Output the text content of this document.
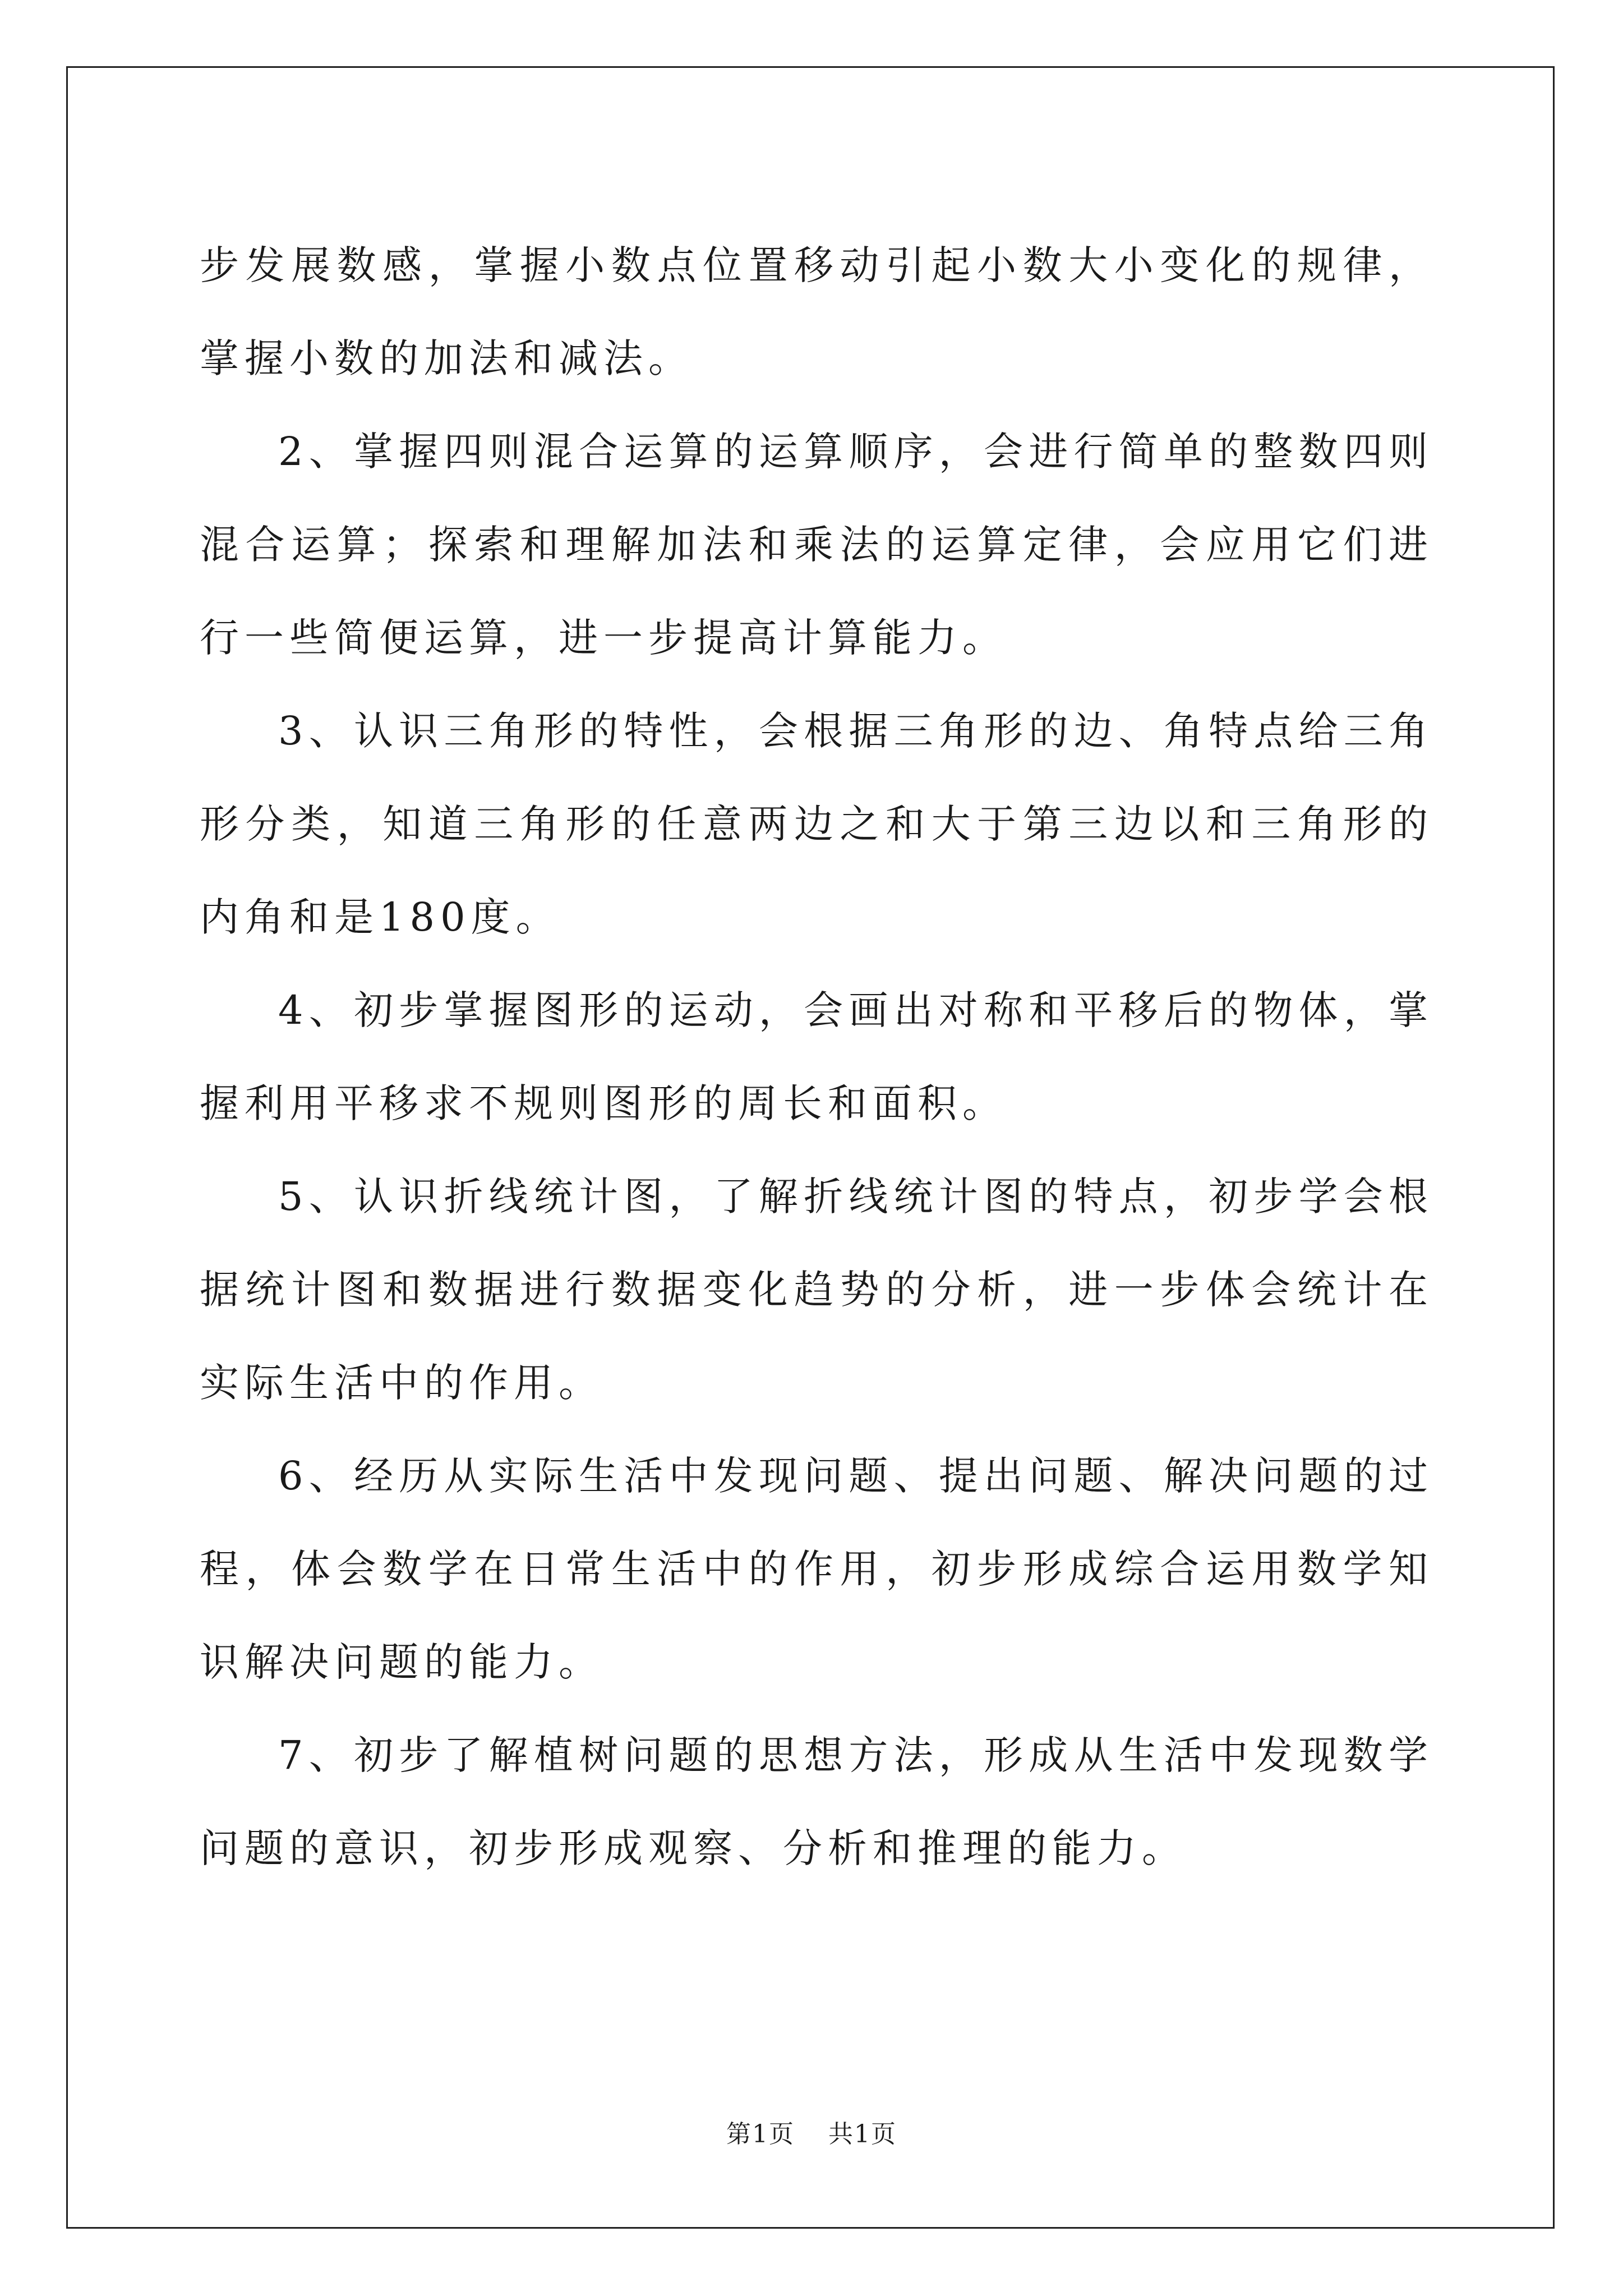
步发展数感，掌握小数点位置移动引起小数大小变化的规律，掌握小数的加法和减法。

2、掌握四则混合运算的运算顺序，会进行简单的整数四则混合运算；探索和理解加法和乘法的运算定律，会应用它们进行一些简便运算，进一步提高计算能力。

3、认识三角形的特性，会根据三角形的边、角特点给三角形分类，知道三角形的任意两边之和大于第三边以和三角形的内角和是180度。

4、初步掌握图形的运动，会画出对称和平移后的物体，掌握利用平移求不规则图形的周长和面积。

5、认识折线统计图，了解折线统计图的特点，初步学会根据统计图和数据进行数据变化趋势的分析，进一步体会统计在实际生活中的作用。

6、经历从实际生活中发现问题、提出问题、解决问题的过程，体会数学在日常生活中的作用，初步形成综合运用数学知识解决问题的能力。

7、初步了解植树问题的思想方法，形成从生活中发现数学问题的意识，初步形成观察、分析和推理的能力。

第1页 共1页
